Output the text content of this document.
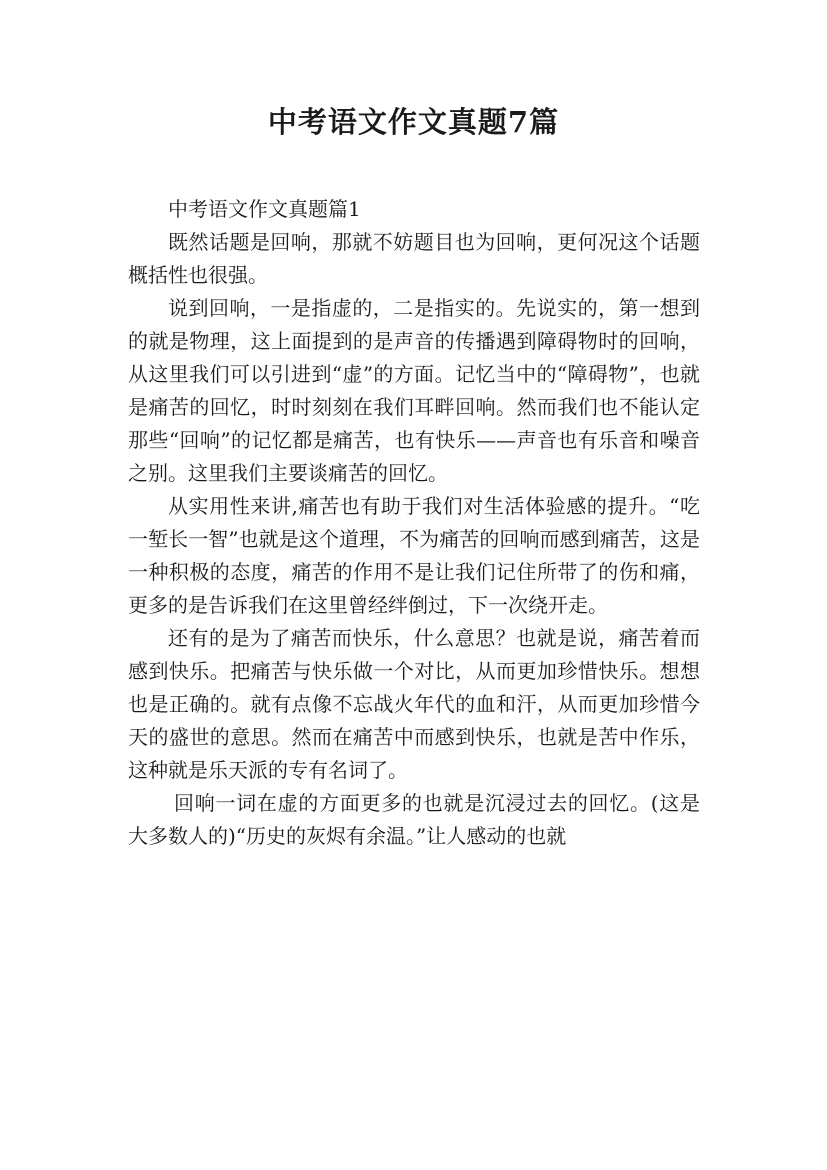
中考语文作文真题7篇

中考语文作文真题篇1

既然话题是回响，那就不妨题目也为回响，更何况这个话题概括性也很强。

说到回响，一是指虚的，二是指实的。先说实的，第一想到的就是物理，这上面提到的是声音的传播遇到障碍物时的回响，从这里我们可以引进到“虚”的方面。记忆当中的“障碍物”，也就是痛苦的回忆，时时刻刻在我们耳畔回响。然而我们也不能认定那些“回响”的记忆都是痛苦，也有快乐——声音也有乐音和噪音之别。这里我们主要谈痛苦的回忆。

从实用性来讲,痛苦也有助于我们对生活体验感的提升。“吃一堑长一智”也就是这个道理，不为痛苦的回响而感到痛苦，这是一种积极的态度，痛苦的作用不是让我们记住所带了的伤和痛，更多的是告诉我们在这里曾经绊倒过，下一次绕开走。

还有的是为了痛苦而快乐，什么意思？也就是说，痛苦着而感到快乐。把痛苦与快乐做一个对比，从而更加珍惜快乐。想想也是正确的。就有点像不忘战火年代的血和汗，从而更加珍惜今天的盛世的意思。然而在痛苦中而感到快乐，也就是苦中作乐，这种就是乐天派的专有名词了。

回响一词在虚的方面更多的也就是沉浸过去的回忆。(这是大多数人的)“历史的灰烬有余温。”让人感动的也就
